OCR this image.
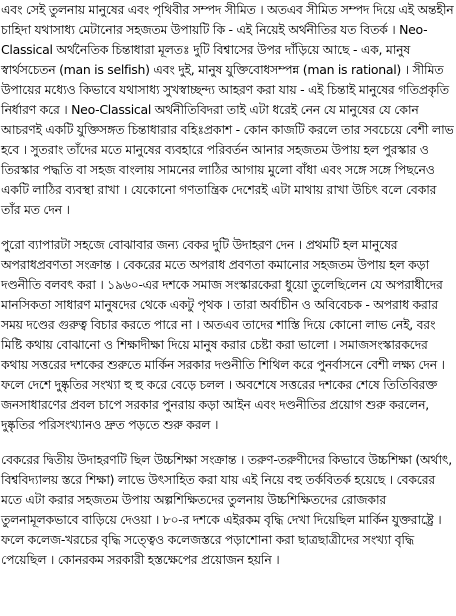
এবং সেই তুলনায় মানুষের এবং পৃথিবীর সম্পদ সীমিত । অতএব সীমিত সম্পদ দিয়ে এই অন্তহীন চাহিদা যথাসাধ্য মেটানোর সহজতম উপায়টি কি - এই নিয়েই অর্থনীতির যত বিতর্ক । Neo-Classical অর্থনৈতিক চিন্তাধারা মূলতঃ দুটি বিশ্বাসের উপর দাঁড়িয়ে আছে - এক, মানুষ স্বার্থসচেতন (man is selfish) এবং দুই, মানুষ যুক্তিবোধসম্পন্ন (man is rational) । সীমিত উপায়ের মধ্যেও কিভাবে যথাসাধ্য সুখস্বাচ্ছন্দ্য আহরণ করা যায় - এই চিন্তাই মানুষের গতিপ্রকৃতি নির্ধারণ করে । Neo-Classical অর্থনীতিবিদরা তাই এটা ধরেই নেন যে মানুষের যে কোন আচরণই একটি যুক্তিসঙ্গত চিন্তাধারার বহিঃপ্রকাশ - কোন কাজটি করলে তার সবচেয়ে বেশী লাভ হবে । সুতরাং তাঁদের মতে মানুষের ব্যবহারে পরিবর্তন আনার সহজতম উপায় হল পুরস্কার ও তিরস্কার পদ্ধতি বা সহজ বাংলায় সামনের লাঠির আগায় মুলো বাঁধা এবং সঙ্গে সঙ্গে পিছনেও একটি লাঠির ব্যবস্থা রাখা । যেকোনো গণতান্ত্রিক দেশেরই এটা মাথায় রাখা উচিৎ বলে বেকার তাঁর মত দেন ।

পুরো ব্যাপারটা সহজে বোঝাবার জন্য বেকর দুটি উদাহরণ দেন । প্রথমটি হল মানুষের অপরাধপ্রবণতা সংক্রান্ত । বেকরের মতে অপরাধ প্রবণতা কমানোর সহজতম উপায় হল কড়া দণ্ডনীতি বলবৎ করা । ১৯৬০-এর দশকে সমাজ সংস্কারকেরা ধুয়ো তুলেছিলেন যে অপরাধীদের মানসিকতা সাধারণ মানুষদের থেকে একটু পৃথক । তারা অর্বাচীন ও অবিবেচক - অপরাধ করার সময় দণ্ডের গুরুত্ব বিচার করতে পারে না । অতএব তাদের শাস্তি দিয়ে কোনো লাভ নেই, বরং মিষ্টি কথায় বোঝানো ও শিক্ষাদীক্ষা দিয়ে মানুষ করার চেষ্টা করা ভালো । সমাজসংস্কারকদের কথায় সত্তরের দশকের শুরুতে মার্কিন সরকার দণ্ডনীতি শিথিল করে পুনর্বাসনে বেশী লক্ষ্য দেন । ফলে দেশে দুষ্কৃতির সংখ্যা হু হু করে বেড়ে চলল । অবশেষে সত্তরের দশকের শেষে তিতিবিরক্ত জনসাধারণের প্রবল চাপে সরকার পুনরায় কড়া আইন এবং দণ্ডনীতির প্রয়োগ শুরু করলেন, দুষ্কৃতির পরিসংখ্যানও দ্রুত পড়তে শুরু করল ।

বেকরের দ্বিতীয় উদাহরণটি ছিল উচ্চশিক্ষা সংক্রান্ত । তরুণ-তরুণীদের কিভাবে উচ্চশিক্ষা (অর্থাৎ, বিশ্ববিদ্যালয় স্তরে শিক্ষা) লাভে উৎসাহিত করা যায় এই নিয়ে বহু তর্কবিতর্ক হয়েছে । বেকরের মতে এটা করার সহজতম উপায় অল্পশিক্ষিতদের তুলনায় উচ্চশিক্ষিতদের রোজকার তুলনামূলকভাবে বাড়িয়ে দেওয়া । ৮০-র দশকে এইরকম বৃদ্ধি দেখা দিয়েছিল মার্কিন যুক্তরাষ্ট্রে । ফলে কলেজ-খরচের বৃদ্ধি সত্ত্বেও কলেজস্তরে পড়াশোনা করা ছাত্রছাত্রীদের সংখ্যা বৃদ্ধি পেয়েছিল । কোনরকম সরকারী হস্তক্ষেপের প্রয়োজন হয়নি ।
